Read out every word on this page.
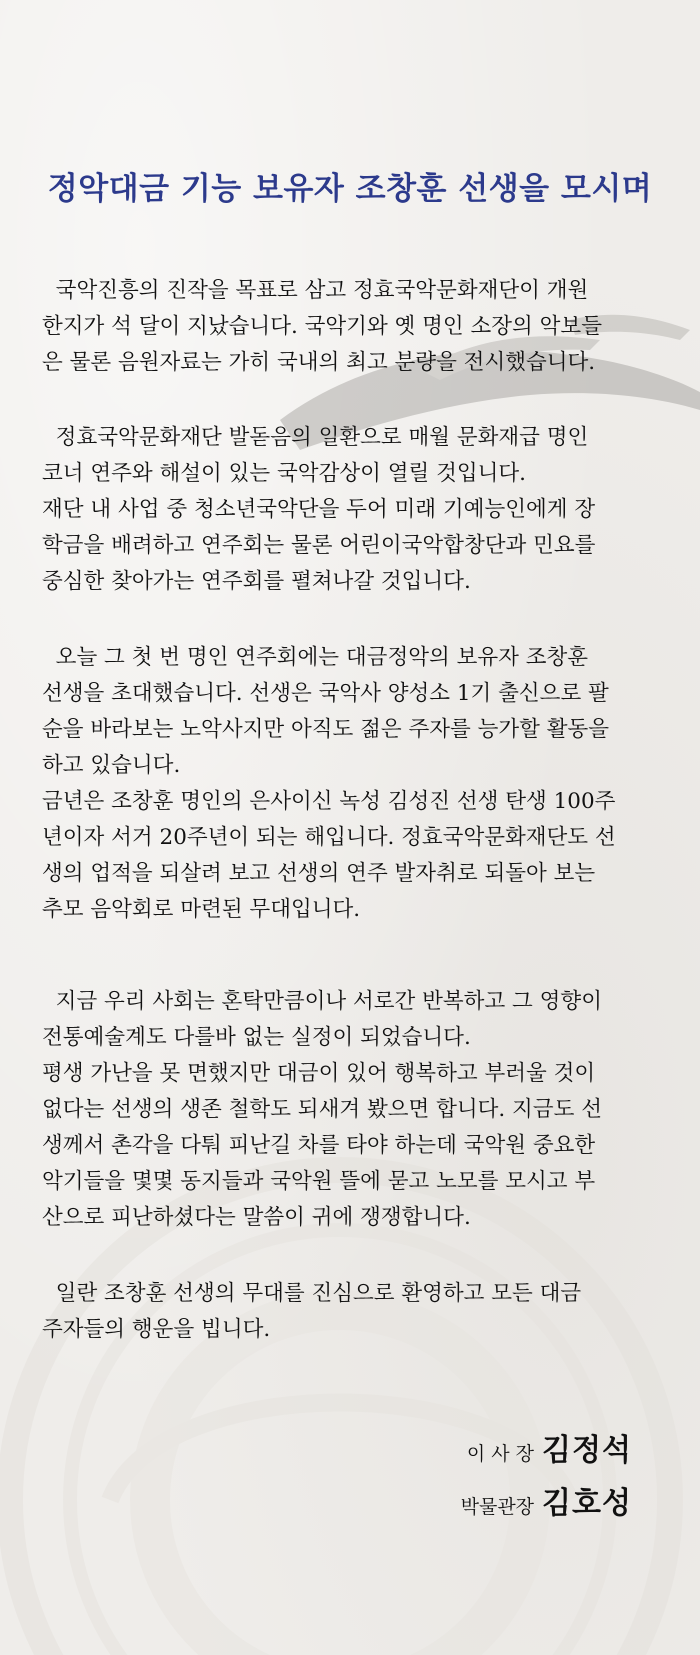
정악대금 기능 보유자 조창훈 선생을 모시며
국악진흥의 진작을 목표로 삼고 정효국악문화재단이 개원
한지가 석 달이 지났습니다. 국악기와 옛 명인 소장의 악보들
은 물론 음원자료는 가히 국내의 최고 분량을 전시했습니다.
정효국악문화재단 발돋음의 일환으로 매월 문화재급 명인
코너 연주와 해설이 있는 국악감상이 열릴 것입니다.
재단 내 사업 중 청소년국악단을 두어 미래 기예능인에게 장
학금을 배려하고 연주회는 물론 어린이국악합창단과 민요를
중심한 찾아가는 연주회를 펼쳐나갈 것입니다.
오늘 그 첫 번 명인 연주회에는 대금정악의 보유자 조창훈
선생을 초대했습니다. 선생은 국악사 양성소 1기 출신으로 팔
순을 바라보는 노악사지만 아직도 젊은 주자를 능가할 활동을
하고 있습니다.
금년은 조창훈 명인의 은사이신 녹성 김성진 선생 탄생 100주
년이자 서거 20주년이 되는 해입니다. 정효국악문화재단도 선
생의 업적을 되살려 보고 선생의 연주 발자취로 되돌아 보는
추모 음악회로 마련된 무대입니다.
지금 우리 사회는 혼탁만큼이나 서로간 반복하고 그 영향이
전통예술계도 다를바 없는 실정이 되었습니다.
평생 가난을 못 면했지만 대금이 있어 행복하고 부러울 것이
없다는 선생의 생존 철학도 되새겨 봤으면 합니다. 지금도 선
생께서 촌각을 다퉈 피난길 차를 타야 하는데 국악원 중요한
악기들을 몇몇 동지들과 국악원 뜰에 묻고 노모를 모시고 부
산으로 피난하셨다는 말씀이 귀에 쟁쟁합니다.
일란 조창훈 선생의 무대를 진심으로 환영하고 모든 대금
주자들의 행운을 빕니다.
이 사 장 김정석
박물관장 김호성
